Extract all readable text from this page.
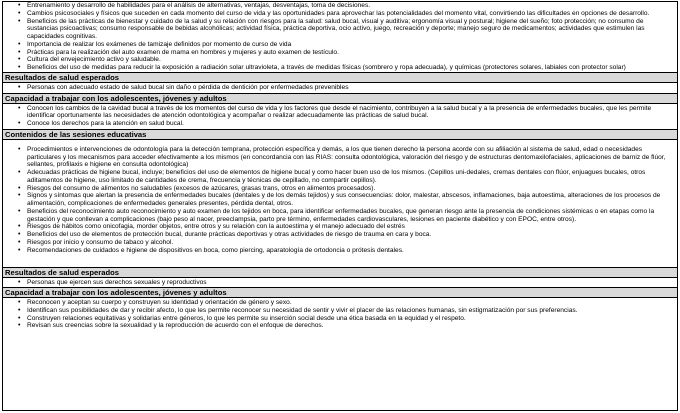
• Entrenamiento y desarrollo de habilidades para el análisis de alternativas, ventajas, desventajas, toma de decisiones.
• Cambios psicosociales y físicos que suceden en cada momento del curso de vida y las oportunidades para aprovechar las potencialidades del momento vital, convirtiendo las dificultades en opciones de desarrollo.
• Beneficios de las prácticas de bienestar y cuidado de la salud y su relación con riesgos para la salud: salud bucal, visual y auditiva; ergonomía visual y postural; higiene del sueño; foto protección; no consumo de sustancias psicoactivas; consumo responsable de bebidas alcohólicas; actividad física, práctica deportiva, ocio activo, juego, recreación y deporte; manejo seguro de medicamentos; actividades que estimulen las capacidades cognitivas.
• Importancia de realizar los exámenes de tamizaje definidos por momento de curso de vida
• Prácticas para la realización del auto examen de mama en hombres y mujeres y auto examen de testículo.
• Cultura del envejecimiento activo y saludable.
• Beneficios del uso de medidas para reducir la exposición a radiación solar ultravioleta, a través de medidas físicas (sombrero y ropa adecuada), y químicas (protectores solares, labiales con protector solar)
Resultados de salud esperados
• Personas con adecuado estado de salud bucal sin daño o pérdida de dentición por enfermedades prevenibles
Capacidad a trabajar con los adolescentes, jóvenes y adultos
• Conocen los cambios de la cavidad bucal a través de los momentos del curso de vida y los factores que desde el nacimiento, contribuyen a la salud bucal y a la presencia de enfermedades bucales, que les permite identificar oportunamente las necesidades de atención odontológica y acompañar o realizar adecuadamente las prácticas de salud bucal.
• Conoce los derechos para la atención en salud bucal.
Contenidos de las sesiones educativas
• Procedimientos e intervenciones de odontología para la detección temprana, protección específica y demás, a los que tienen derecho la persona acorde con su afiliación al sistema de salud, edad o necesidades particulares y los mecanismos para acceder efectivamente a los mismos (en concordancia con las RIAS: consulta odontológica, valoración del riesgo y de estructuras dentomaxilofaciales, aplicaciones de barniz de flúor, sellantes, profilaxis e higiene en consulta odontológica)
• Adecuadas prácticas de higiene bucal, incluye; beneficios del uso de elementos de higiene bucal y como hacer buen uso de los mismos. (Cepillos uni-dedales, cremas dentales con flúor, enjuagues bucales, otros aditamentos de higiene, uso limitado de cantidades de crema, frecuencia y técnicas de cepillado, no compartir cepillos).
• Riesgos del consumo de alimentos no saludables (excesos de azúcares, grasas trans, otros en alimentos procesados).
• Signos y síntomas que alertan la presencia de enfermedades bucales (dentales y de los demás tejidos) y sus consecuencias: dolor, malestar, abscesos, inflamaciones, baja autoestima, alteraciones de los procesos de alimentación, complicaciones de enfermedades generales presentes, pérdida dental, otros.
• Beneficios del reconocimiento auto reconocimiento y auto examen de los tejidos en boca, para identificar enfermedades bucales, que generan riesgo ante la presencia de condiciones sistémicas o en etapas como la gestación y que conllevan a complicaciones (bajo peso al nacer, preeclampsia, parto pre término, enfermedades cardiovasculares, lesiones en paciente diabético y con EPOC, entre otros).
• Riesgos de hábitos como onicofagia, morder objetos, entre otros y su relación con la autoestima y el manejo adecuado del estrés
• Beneficios del uso de elementos de protección bucal, durante prácticas deportivas y otras actividades de riesgo de trauma en cara y boca.
• Riesgos por inicio y consumo de tabaco y alcohol.
• Recomendaciones de cuidados e higiene de dispositivos en boca, como piercing, aparatología de ortodoncia o prótesis dentales.
Resultados de salud esperados
• Personas que ejercen sus derechos sexuales y reproductivos
Capacidad a trabajar con los adolescentes, jóvenes y adultos
• Reconocen y aceptan su cuerpo y construyen su identidad y orientación de género y sexo.
• Identifican sus posibilidades de dar y recibir afecto, lo que les permite reconocer su necesidad de sentir y vivir el placer de las relaciones humanas, sin estigmatización por sus preferencias.
• Construyen relaciones equitativas y solidarias entre géneros, lo que les permite su inserción social desde una ética basada en la equidad y el respeto.
• Revisan sus creencias sobre la sexualidad y la reproducción de acuerdo con el enfoque de derechos.
